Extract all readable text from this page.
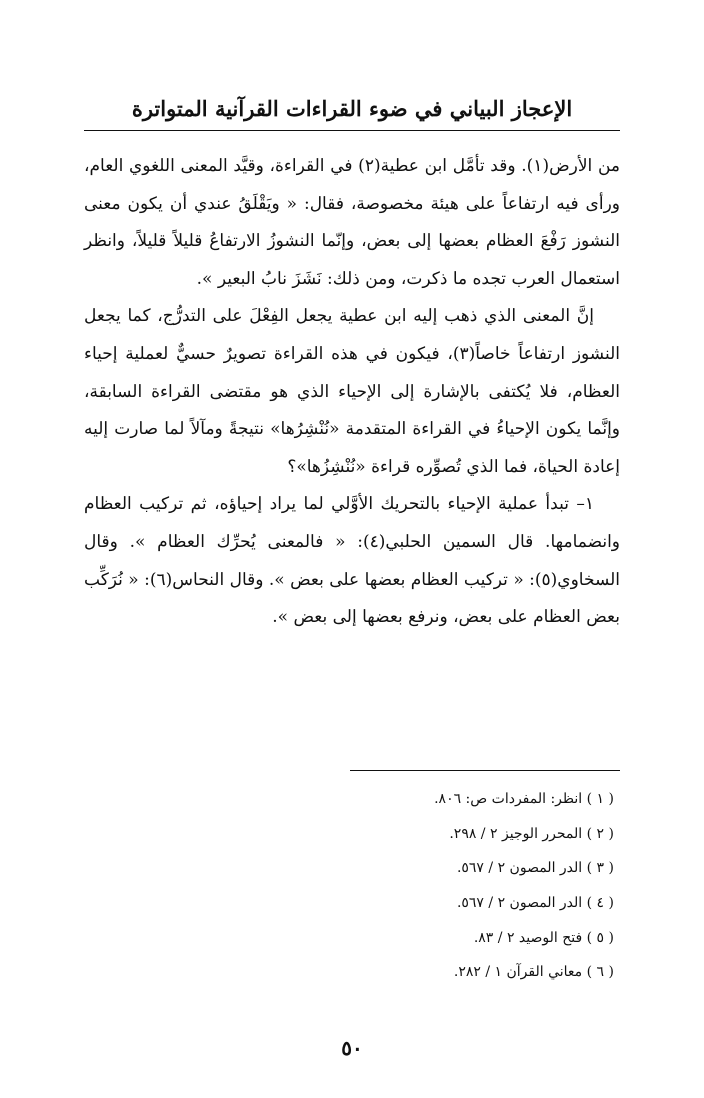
الإعجاز البياني في ضوء القراءات القرآنية المتواترة

من الأرض(١). وقد تأمَّل ابن عطية(٢) في القراءة، وقيَّد المعنى اللغوي العام، ورأى فيه ارتفاعاً على هيئة مخصوصة، فقال: « ويَقْلَقُ عندي أن يكون معنى النشوز رَفْعَ العظام بعضها إلى بعض، وإنّما النشوزُ الارتفاعُ قليلاً قليلاً، وانظر استعمال العرب تجده ما ذكرت، ومن ذلك: نَشَزَ نابُ البعير ».

إنَّ المعنى الذي ذهب إليه ابن عطية يجعل الفِعْلَ على التدرُّج، كما يجعل النشوز ارتفاعاً خاصاً(٣)، فيكون في هذه القراءة تصويرٌ حسيٌّ لعملية إحياء العظام، فلا يُكتفى بالإشارة إلى الإحياء الذي هو مقتضى القراءة السابقة، وإنَّما يكون الإحياءُ في القراءة المتقدمة «نُنْشِرُها» نتيجةً ومآلاً لما صارت إليه إعادة الحياة، فما الذي تُصوِّره قراءة «نُنْشِزُها»؟

١– تبدأ عملية الإحياء بالتحريك الأوَّلي لما يراد إحياؤه، ثم تركيب العظام وانضمامها. قال السمين الحلبي(٤): « فالمعنى يُحرِّك العظام ». وقال السخاوي(٥): « تركيب العظام بعضها على بعض ». وقال النحاس(٦): « نُرَكِّب بعض العظام على بعض، ونرفع بعضها إلى بعض ».

( ١ ) انظر: المفردات ص: ٨٠٦.
( ٢ ) المحرر الوجيز ٢ / ٢٩٨.
( ٣ ) الدر المصون ٢ / ٥٦٧.
( ٤ ) الدر المصون ٢ / ٥٦٧.
( ٥ ) فتح الوصيد ٢ / ٨٣.
( ٦ ) معاني القرآن ١ / ٢٨٢.
٥٠
